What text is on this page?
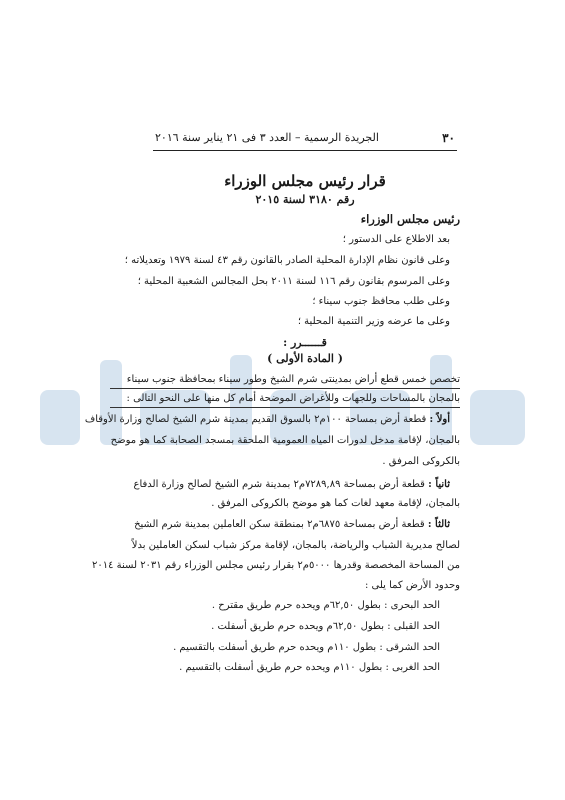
٣٠
الجريدة الرسمية – العدد ٣ فى ٢١ يناير سنة ٢٠١٦
قرار رئيس مجلس الوزراء
رقم ٣١٨٠ لسنة ٢٠١٥
رئيس مجلس الوزراء
بعد الاطلاع على الدستور ؛
وعلى قانون نظام الإدارة المحلية الصادر بالقانون رقم ٤٣ لسنة ١٩٧٩ وتعديلاته ؛
وعلى المرسوم بقانون رقم ١١٦ لسنة ٢٠١١ بحل المجالس الشعبية المحلية ؛
وعلى طلب محافظ جنوب سيناء ؛
وعلى ما عرضه وزير التنمية المحلية ؛
قــــــرر :
( المادة الأولى )
تخصص خمس قطع أراض بمدينتى شرم الشيخ وطور سيناء بمحافظة جنوب سيناء
بالمجان بالمساحات وللجهات وللأغراض الموضحة أمام كل منها على النحو التالى :
أولاً : قطعة أرض بمساحة ١٠٠م٢ بالسوق القديم بمدينة شرم الشيخ لصالح وزارة الأوقاف
بالمجان، لإقامة مدخل لدورات المياه العمومية الملحقة بمسجد الصحابة كما هو موضح
بالكروكى المرفق .
ثانياً : قطعة أرض بمساحة ٧٢٨٩,٨٩م٢ بمدينة شرم الشيخ لصالح وزارة الدفاع
بالمجان، لإقامة معهد لغات كما هو موضح بالكروكى المرفق .
ثالثاً : قطعة أرض بمساحة ٦٨٧٥م٢ بمنطقة سكن العاملين بمدينة شرم الشيخ
لصالح مديرية الشباب والرياضة، بالمجان، لإقامة مركز شباب لسكن العاملين بدلاً
من المساحة المخصصة وقدرها ٥٠٠٠م٢ بقرار رئيس مجلس الوزراء رقم ٢٠٣١ لسنة ٢٠١٤
وحدود الأرض كما يلى :
الحد البحرى : بطول ٦٢,٥٠م ويحده حرم طريق مقترح .
الحد القبلى : بطول ٦٢,٥٠م ويحده حرم طريق أسفلت .
الحد الشرقى : بطول ١١٠م ويحده حرم طريق أسفلت بالتقسيم .
الحد الغربى : بطول ١١٠م ويحده حرم طريق أسفلت بالتقسيم .
